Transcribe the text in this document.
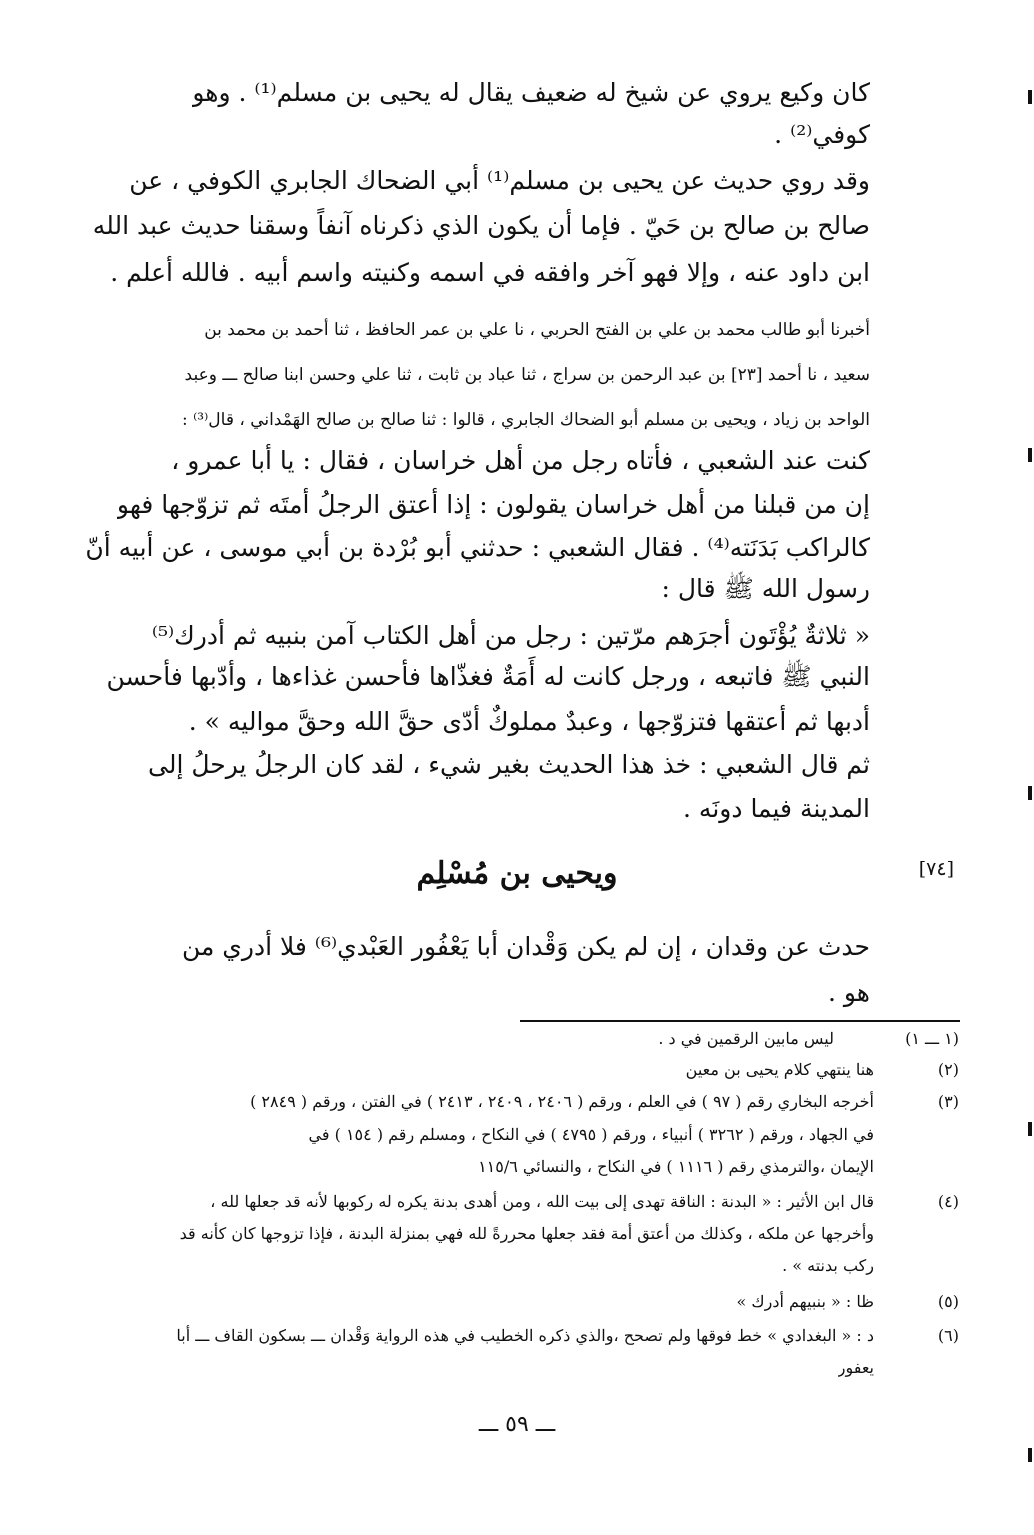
كان وكيع يروي عن شيخ له ضعيف يقال له يحيى بن مسلم⁽¹⁾ . وهو
كوفي⁽²⁾ .
وقد روي حديث عن يحيى بن مسلم⁽¹⁾ أبي الضحاك الجابري الكوفي ، عن
صالح بن صالح بن حَيّ . فإما أن يكون الذي ذكرناه آنفاً وسقنا حديث عبد الله
ابن داود عنه ، وإلا فهو آخر وافقه في اسمه وكنيته واسم أبيه . فالله أعلم .
أخبرنا أبو طالب محمد بن علي بن الفتح الحربي ، نا علي بن عمر الحافظ ، ثنا أحمد بن محمد بن
سعيد ، نا أحمد [٢٣] بن عبد الرحمن بن سراج ، ثنا عباد بن ثابت ، ثنا علي وحسن ابنا صالح ـــ وعبد
الواحد بن زياد ، ويحيى بن مسلم أبو الضحاك الجابري ، قالوا : ثنا صالح بن صالح الهَمْداني ، قال⁽³⁾ :
كنت عند الشعبي ، فأتاه رجل من أهل خراسان ، فقال : يا أبا عمرو ،
إن من قبلنا من أهل خراسان يقولون : إذا أعتق الرجلُ أمتَه ثم تزوّجها فهو
كالراكب بَدَنَته⁽⁴⁾ . فقال الشعبي : حدثني أبو بُرْدة بن أبي موسى ، عن أبيه أنّ
رسول الله ﷺ قال :
« ثلاثةٌ يُؤْتَون أجرَهم مرّتين : رجل من أهل الكتاب آمن بنبيه ثم أدرك⁽⁵⁾
النبي ﷺ فاتبعه ، ورجل كانت له أَمَةٌ فغذّاها فأحسن غذاءها ، وأدّبها فأحسن
أدبها ثم أعتقها فتزوّجها ، وعبدٌ مملوكٌ أدّى حقَّ الله وحقَّ مواليه » .
ثم قال الشعبي : خذ هذا الحديث بغير شيء ، لقد كان الرجلُ يرحلُ إلى
المدينة فيما دونَه .
ويحيى بن مُسْلِم	[٧٤]
حدث عن وقدان ، إن لم يكن وَقْدان أبا يَعْفُور العَبْدي⁽⁶⁾ فلا أدري من
هو .
(١ ـــ ١)
ليس مابين الرقمين في د .
(٢)
هنا ينتهي كلام يحيى بن معين
(٣)
أخرجه البخاري رقم ( ٩٧ ) في العلم ، ورقم ( ٢٤٠٦ ، ٢٤٠٩ ، ٢٤١٣ ) في الفتن ، ورقم ( ٢٨٤٩ )
في الجهاد ، ورقم ( ٣٢٦٢ ) أنبياء ، ورقم ( ٤٧٩٥ ) في النكاح ، ومسلم رقم ( ١٥٤ ) في
الإيمان ،والترمذي رقم ( ١١١٦ ) في النكاح ، والنسائي ١١٥/٦
(٤)
قال ابن الأثير : « البدنة : الناقة تهدى إلى بيت الله ، ومن أهدى بدنة يكره له ركوبها لأنه قد جعلها لله ،
وأخرجها عن ملكه ، وكذلك من أعتق أمة فقد جعلها محررةً لله فهي بمنزلة البدنة ، فإذا تزوجها كان كأنه قد
ركب بدنته » .
(٥)
ظا : « بنبيهم أدرك »
(٦)
د : « البغدادي » خط فوقها ولم تصحح ،والذي ذكره الخطيب في هذه الرواية وَقْدان ـــ بسكون القاف ـــ أبا
يعفور
ـــ ٥٩ ـــ
